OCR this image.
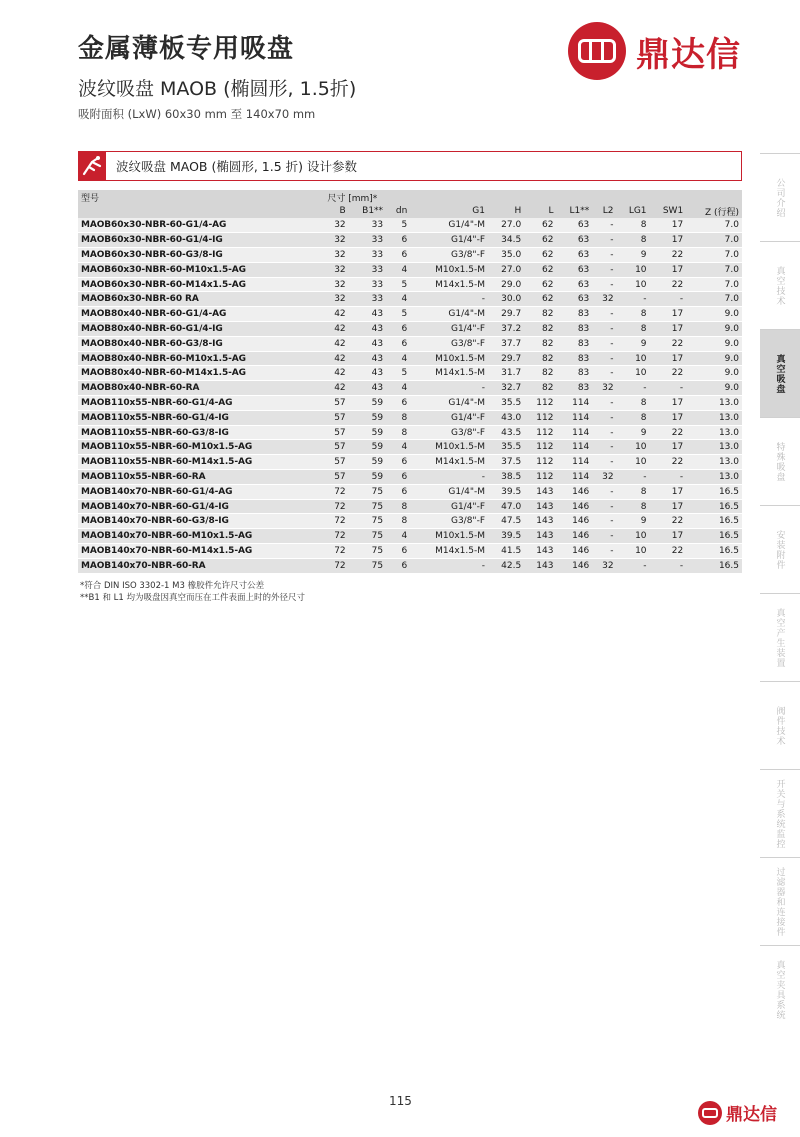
金属薄板专用吸盘
波纹吸盘 MAOB (椭圆形, 1.5折)
吸附面积 (LxW) 60x30 mm 至 140x70 mm
鼎达信
波纹吸盘 MAOB (椭圆形, 1.5 折) 设计参数
型号	尺寸 [mm]*										
	B	B1**	dn	G1	H	L	L1**	L2	LG1	SW1	Z (行程)
MAOB60x30-NBR-60-G1/4-AG	32	33	5	G1/4"-M	27.0	62	63	-	8	17	7.0
MAOB60x30-NBR-60-G1/4-IG	32	33	6	G1/4"-F	34.5	62	63	-	8	17	7.0
MAOB60x30-NBR-60-G3/8-IG	32	33	6	G3/8"-F	35.0	62	63	-	9	22	7.0
MAOB60x30-NBR-60-M10x1.5-AG	32	33	4	M10x1.5-M	27.0	62	63	-	10	17	7.0
MAOB60x30-NBR-60-M14x1.5-AG	32	33	5	M14x1.5-M	29.0	62	63	-	10	22	7.0
MAOB60x30-NBR-60 RA	32	33	4	-	30.0	62	63	32	-	-	7.0
MAOB80x40-NBR-60-G1/4-AG	42	43	5	G1/4"-M	29.7	82	83	-	8	17	9.0
MAOB80x40-NBR-60-G1/4-IG	42	43	6	G1/4"-F	37.2	82	83	-	8	17	9.0
MAOB80x40-NBR-60-G3/8-IG	42	43	6	G3/8"-F	37.7	82	83	-	9	22	9.0
MAOB80x40-NBR-60-M10x1.5-AG	42	43	4	M10x1.5-M	29.7	82	83	-	10	17	9.0
MAOB80x40-NBR-60-M14x1.5-AG	42	43	5	M14x1.5-M	31.7	82	83	-	10	22	9.0
MAOB80x40-NBR-60-RA	42	43	4	-	32.7	82	83	32	-	-	9.0
MAOB110x55-NBR-60-G1/4-AG	57	59	6	G1/4"-M	35.5	112	114	-	8	17	13.0
MAOB110x55-NBR-60-G1/4-IG	57	59	8	G1/4"-F	43.0	112	114	-	8	17	13.0
MAOB110x55-NBR-60-G3/8-IG	57	59	8	G3/8"-F	43.5	112	114	-	9	22	13.0
MAOB110x55-NBR-60-M10x1.5-AG	57	59	4	M10x1.5-M	35.5	112	114	-	10	17	13.0
MAOB110x55-NBR-60-M14x1.5-AG	57	59	6	M14x1.5-M	37.5	112	114	-	10	22	13.0
MAOB110x55-NBR-60-RA	57	59	6	-	38.5	112	114	32	-	-	13.0
MAOB140x70-NBR-60-G1/4-AG	72	75	6	G1/4"-M	39.5	143	146	-	8	17	16.5
MAOB140x70-NBR-60-G1/4-IG	72	75	8	G1/4"-F	47.0	143	146	-	8	17	16.5
MAOB140x70-NBR-60-G3/8-IG	72	75	8	G3/8"-F	47.5	143	146	-	9	22	16.5
MAOB140x70-NBR-60-M10x1.5-AG	72	75	4	M10x1.5-M	39.5	143	146	-	10	17	16.5
MAOB140x70-NBR-60-M14x1.5-AG	72	75	6	M14x1.5-M	41.5	143	146	-	10	22	16.5
MAOB140x70-NBR-60-RA	72	75	6	-	42.5	143	146	32	-	-	16.5
*符合 DIN ISO 3302-1 M3 橡胶件允许尺寸公差
**B1 和 L1 均为吸盘因真空而压在工件表面上时的外径尺寸
公司介绍
真空技术
真空吸盘
特殊吸盘
安装附件
真空产生装置
阀件技术
开关与系统监控
过滤器和连接件
真空夹具系统
115
鼎达信
